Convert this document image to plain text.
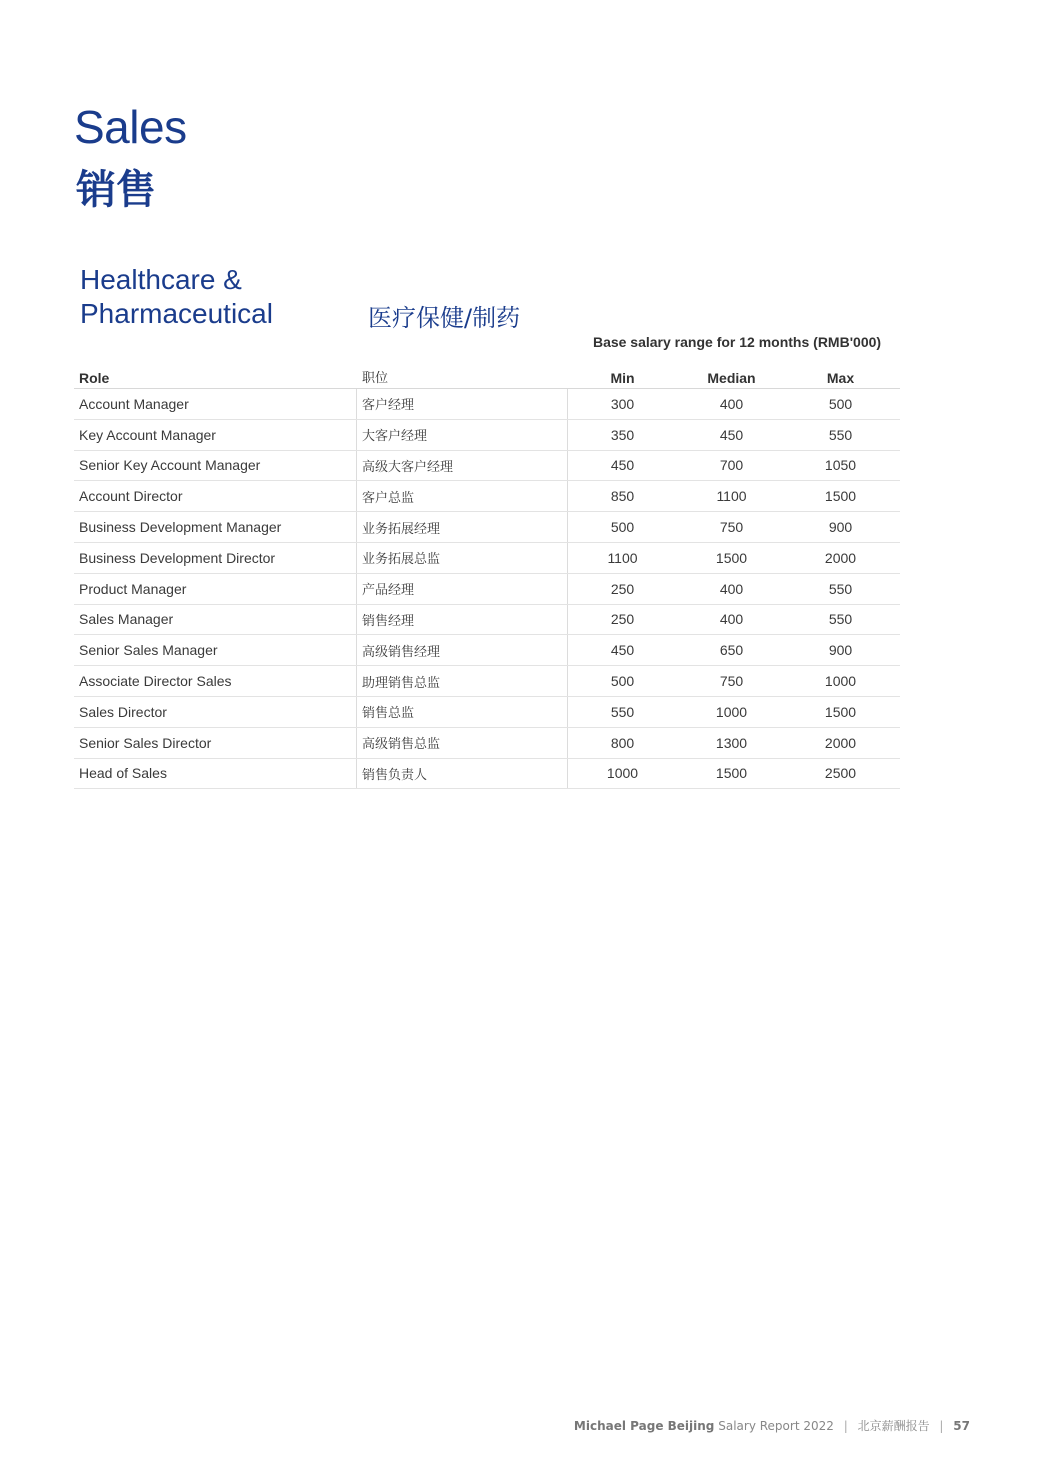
Sales
销售
Healthcare &
Pharmaceutical	医疗保健/制药
Base salary range for 12 months (RMB'000)
Role	职位	Min	Median	Max
Account Manager	客户经理	300	400	500
Key Account Manager	大客户经理	350	450	550
Senior Key Account Manager	高级大客户经理	450	700	1050
Account Director	客户总监	850	1100	1500
Business Development Manager	业务拓展经理	500	750	900
Business Development Director	业务拓展总监	1100	1500	2000
Product Manager	产品经理	250	400	550
Sales Manager	销售经理	250	400	550
Senior Sales Manager	高级销售经理	450	650	900
Associate Director Sales	助理销售总监	500	750	1000
Sales Director	销售总监	550	1000	1500
Senior Sales Director	高级销售总监	800	1300	2000
Head of Sales	销售负责人	1000	1500	2500
Michael Page Beijing Salary Report 2022 | 北京薪酬报告 | 57
